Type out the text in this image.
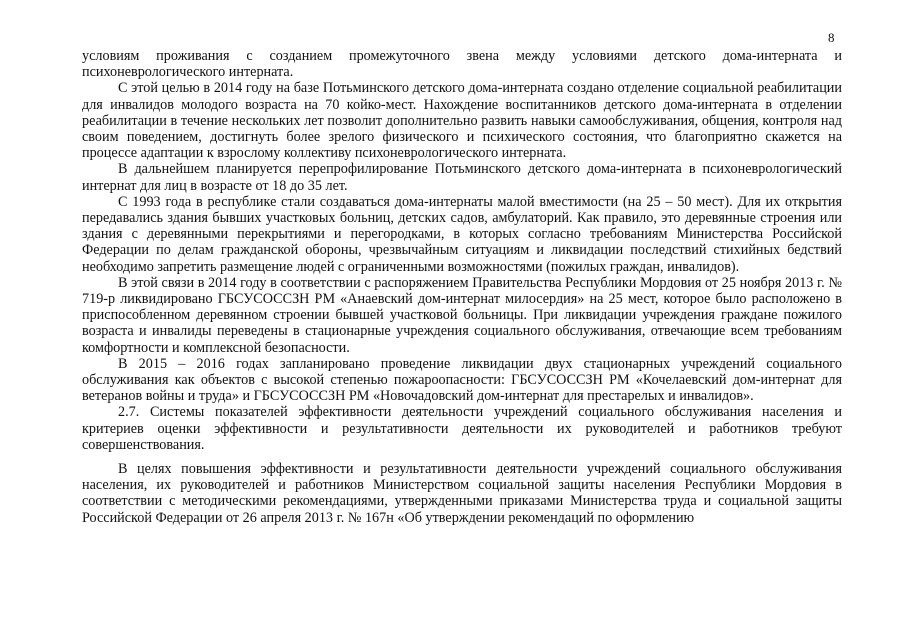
8

условиям проживания с созданием промежуточного звена между условиями детского дома-интерната и психоневрологического интерната.

С этой целью в 2014 году на базе Потьминского детского дома-интерната создано отделение социальной реабилитации для инвалидов молодого возраста на 70 койко-мест. Нахождение воспитанников детского дома-интерната в отделении реабилитации в течение нескольких лет позволит дополнительно развить навыки самообслуживания, общения, контроля над своим поведением, достигнуть более зрелого физического и психического состояния, что благоприятно скажется на процессе адаптации к взрослому коллективу психоневрологического интерната.

В дальнейшем планируется перепрофилирование Потьминского детского дома-интерната в психоневрологический интернат для лиц в возрасте от 18 до 35 лет.

С 1993 года в республике стали создаваться дома-интернаты малой вместимости (на 25 – 50 мест). Для их открытия передавались здания бывших участковых больниц, детских садов, амбулаторий. Как правило, это деревянные строения или здания с деревянными перекрытиями и перегородками, в которых согласно требованиям Министерства Российской Федерации по делам гражданской обороны, чрезвычайным ситуациям и ликвидации последствий стихийных бедствий необходимо запретить размещение людей с ограниченными возможностями (пожилых граждан, инвалидов).

В этой связи в 2014 году в соответствии с распоряжением Правительства Республики Мордовия от 25 ноября 2013 г. № 719-р ликвидировано ГБСУСОССЗН РМ «Анаевский дом-интернат милосердия» на 25 мест, которое было расположено в приспособленном деревянном строении бывшей участковой больницы. При ликвидации учреждения граждане пожилого возраста и инвалиды переведены в стационарные учреждения социального обслуживания, отвечающие всем требованиям комфортности и комплексной безопасности.

В 2015 – 2016 годах запланировано проведение ликвидации двух стационарных учреждений социального обслуживания как объектов с высокой степенью пожароопасности: ГБСУСОССЗН РМ «Кочелаевский дом-интернат для ветеранов войны и труда» и ГБСУСОССЗН РМ «Новочадовский дом-интернат для престарелых и инвалидов».

2.7. Системы показателей эффективности деятельности учреждений социального обслуживания населения и критериев оценки эффективности и результативности деятельности их руководителей и работников требуют совершенствования.

В целях повышения эффективности и результативности деятельности учреждений социального обслуживания населения, их руководителей и работников Министерством социальной защиты населения Республики Мордовия в соответствии с методическими рекомендациями, утвержденными приказами Министерства труда и социальной защиты Российской Федерации от 26 апреля 2013 г. № 167н «Об утверждении рекомендаций по оформлению
